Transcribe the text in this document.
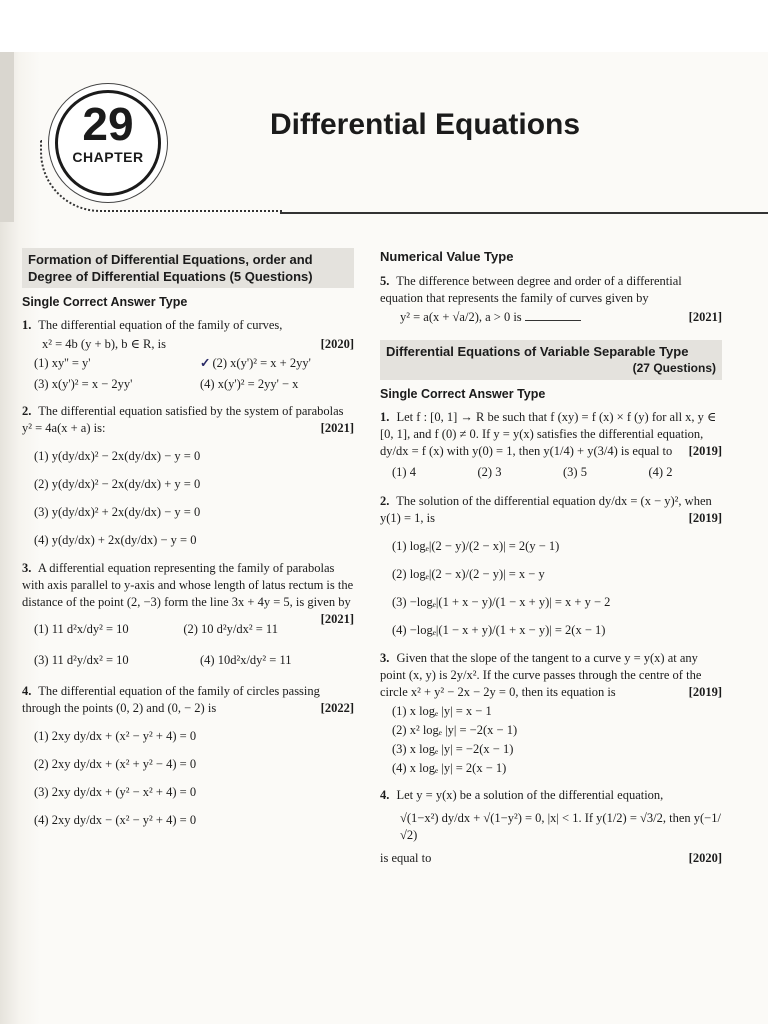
29
CHAPTER
Differential Equations
Formation of Differential Equations, order and Degree of Differential Equations (5 Questions)
Single Correct Answer Type
1. The differential equation of the family of curves,
x² = 4b (y + b), b ∈ R, is	[2020]
(1) xy'' = y'	✓ (2) x(y')² = x + 2yy'
(3) x(y')² = x − 2yy'	(4) x(y')² = 2yy' − x
2. The differential equation satisfied by the system of parabolas y² = 4a(x + a) is:	[2021]
(1) y(dy/dx)² − 2x(dy/dx) − y = 0
(2) y(dy/dx)² − 2x(dy/dx) + y = 0
(3) y(dy/dx)² + 2x(dy/dx) − y = 0
(4) y(dy/dx) + 2x(dy/dx) − y = 0
3. A differential equation representing the family of parabolas with axis parallel to y-axis and whose length of latus rectum is the distance of the point (2, −3) form the line 3x + 4y = 5, is given by
[2021]
(1) 11 d²x/dy² = 10	(2) 10 d²y/dx² = 11
(3) 11 d²y/dx² = 10	(4) 10d²x/dy² = 11
4. The differential equation of the family of circles passing through the points (0, 2) and (0, − 2) is	[2022]
(1) 2xy dy/dx + (x² − y² + 4) = 0
(2) 2xy dy/dx + (x² + y² − 4) = 0
(3) 2xy dy/dx + (y² − x² + 4) = 0
(4) 2xy dy/dx − (x² − y² + 4) = 0
Numerical Value Type
5. The difference between degree and order of a differential equation that represents the family of curves given by
y² = a(x + √a/2), a > 0 is	[2021]
Differential Equations of Variable Separable Type
(27 Questions)
Single Correct Answer Type
1. Let f : [0, 1] → R be such that f (xy) = f (x) × f (y) for all x, y ∈ [0, 1], and f (0) ≠ 0. If y = y(x) satisfies the differential equation, dy/dx = f (x) with y(0) = 1, then y(1/4) + y(3/4) is equal to [2019]
(1) 4	(2) 3	(3) 5	(4) 2
2. The solution of the differential equation dy/dx = (x − y)², when y(1) = 1, is	[2019]
(1) logₑ|(2 − y)/(2 − x)| = 2(y − 1)
(2) logₑ|(2 − x)/(2 − y)| = x − y
(3) −logₑ|(1 + x − y)/(1 − x + y)| = x + y − 2
(4) −logₑ|(1 − x + y)/(1 + x − y)| = 2(x − 1)
3. Given that the slope of the tangent to a curve y = y(x) at any point (x, y) is 2y/x². If the curve passes through the centre of the circle x² + y² − 2x − 2y = 0, then its equation is	[2019]
(1) x logₑ |y| = x − 1
(2) x² logₑ |y| = −2(x − 1)
(3) x logₑ |y| = −2(x − 1)
(4) x logₑ |y| = 2(x − 1)
4. Let y = y(x) be a solution of the differential equation,
√(1−x²) dy/dx + √(1−y²) = 0, |x| < 1. If y(1/2) = √3/2, then y(−1/√2)
is equal to	[2020]
